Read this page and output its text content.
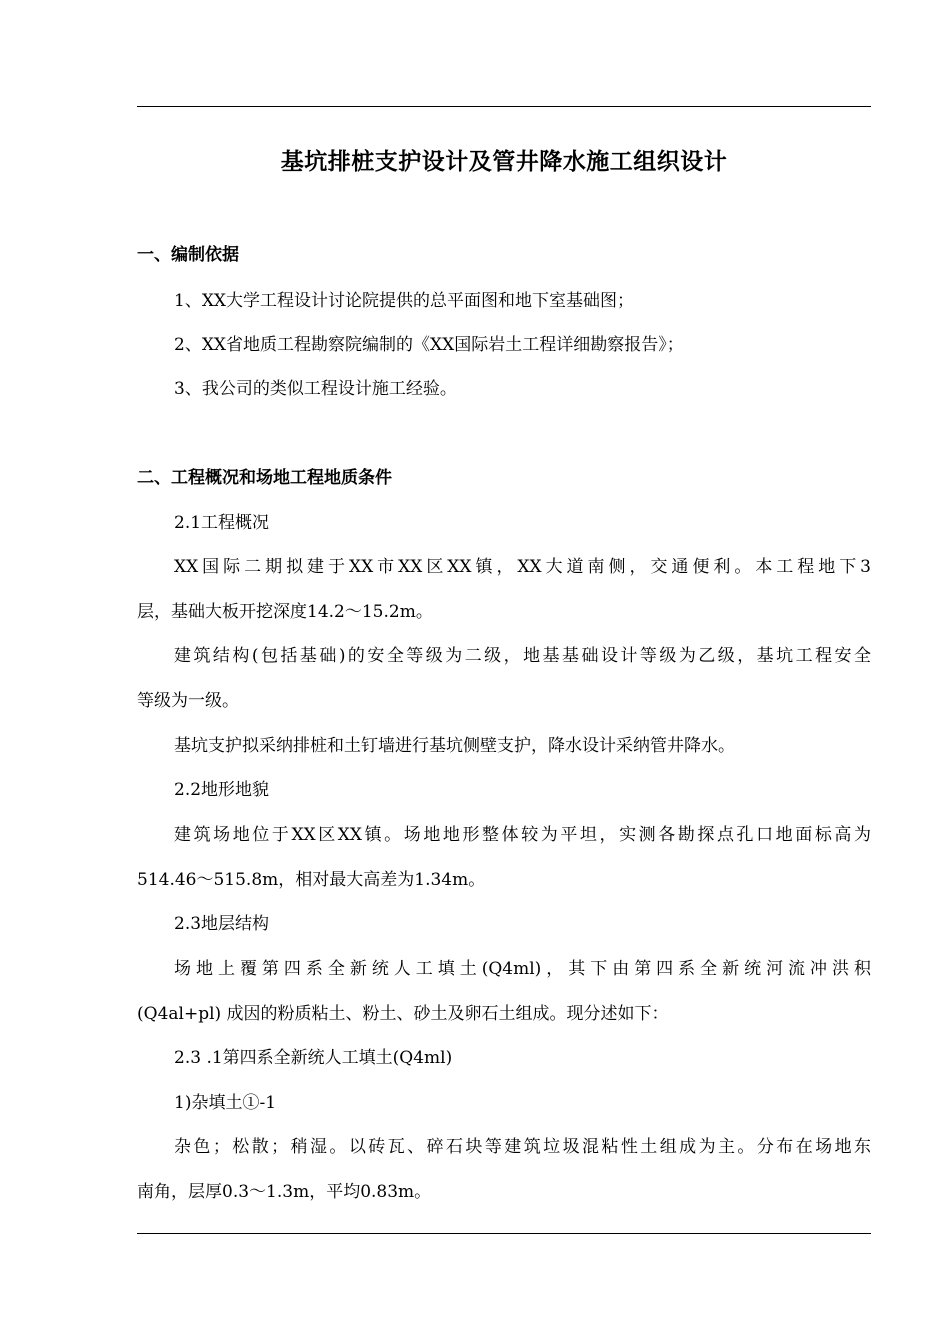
基坑排桩支护设计及管井降水施工组织设计
一、编制依据
1、XX大学工程设计讨论院提供的总平面图和地下室基础图；
2、XX省地质工程勘察院编制的《XX国际岩土工程详细勘察报告》；
3、我公司的类似工程设计施工经验。
二、工程概况和场地工程地质条件
2.1工程概况
XX国际二期拟建于XX市XX区XX镇，XX大道南侧，交通便利。本工程地下3
层，基础大板开挖深度14.2～15.2m。
建筑结构(包括基础)的安全等级为二级，地基基础设计等级为乙级，基坑工程安全
等级为一级。
基坑支护拟采纳排桩和土钉墙进行基坑侧壁支护，降水设计采纳管井降水。
2.2地形地貌
建筑场地位于XX区XX镇。场地地形整体较为平坦，实测各勘探点孔口地面标高为
514.46～515.8m，相对最大高差为1.34m。
2.3地层结构
场地上覆第四系全新统人工填土(Q4ml)，其下由第四系全新统河流冲洪积
(Q4al+pl) 成因的粉质粘土、粉土、砂土及卵石土组成。现分述如下：
2.3 .1第四系全新统人工填土(Q4ml)
1)杂填土①-1
杂色；松散；稍湿。以砖瓦、碎石块等建筑垃圾混粘性土组成为主。分布在场地东
南角，层厚0.3～1.3m，平均0.83m。
